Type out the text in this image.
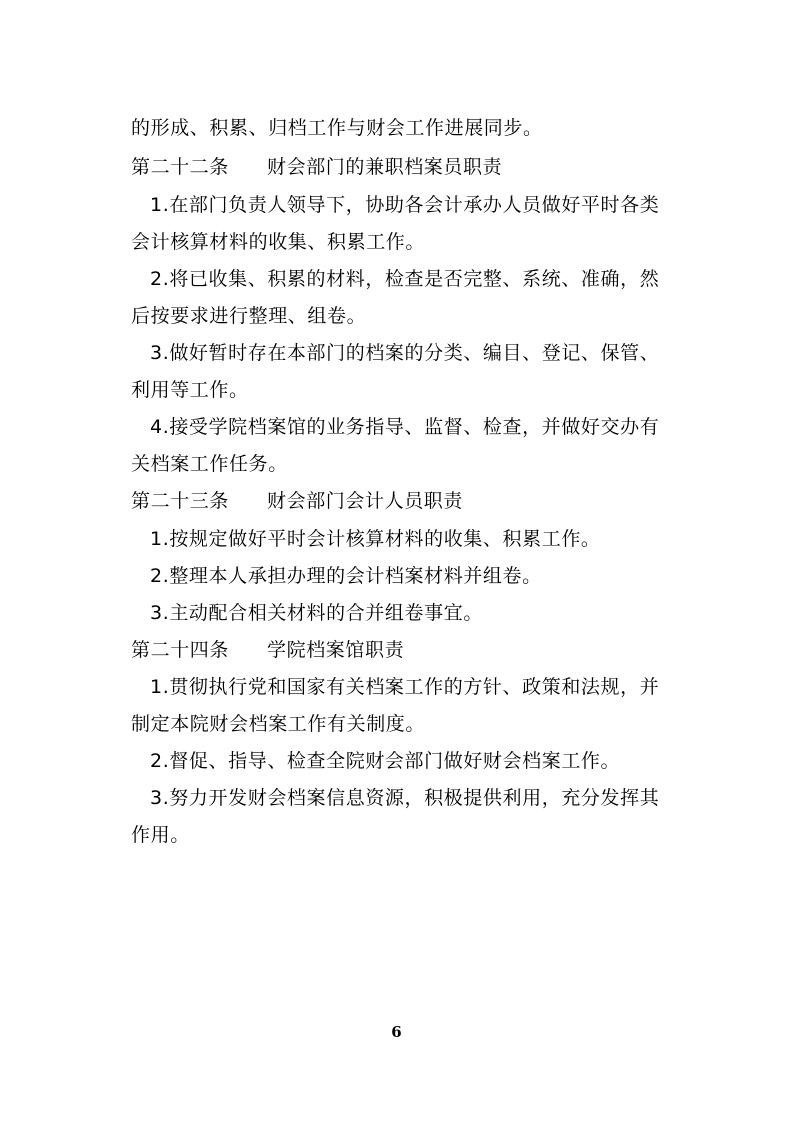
的形成、积累、归档工作与财会工作进展同步。
第二十二条 财会部门的兼职档案员职责
1.在部门负责人领导下，协助各会计承办人员做好平时各类
会计核算材料的收集、积累工作。
2.将已收集、积累的材料，检查是否完整、系统、准确，然
后按要求进行整理、组卷。
3.做好暂时存在本部门的档案的分类、编目、登记、保管、
利用等工作。
4.接受学院档案馆的业务指导、监督、检查，并做好交办有
关档案工作任务。
第二十三条 财会部门会计人员职责
1.按规定做好平时会计核算材料的收集、积累工作。
2.整理本人承担办理的会计档案材料并组卷。
3.主动配合相关材料的合并组卷事宜。
第二十四条 学院档案馆职责
1.贯彻执行党和国家有关档案工作的方针、政策和法规，并
制定本院财会档案工作有关制度。
2.督促、指导、检查全院财会部门做好财会档案工作。
3.努力开发财会档案信息资源，积极提供利用，充分发挥其
作用。
6
